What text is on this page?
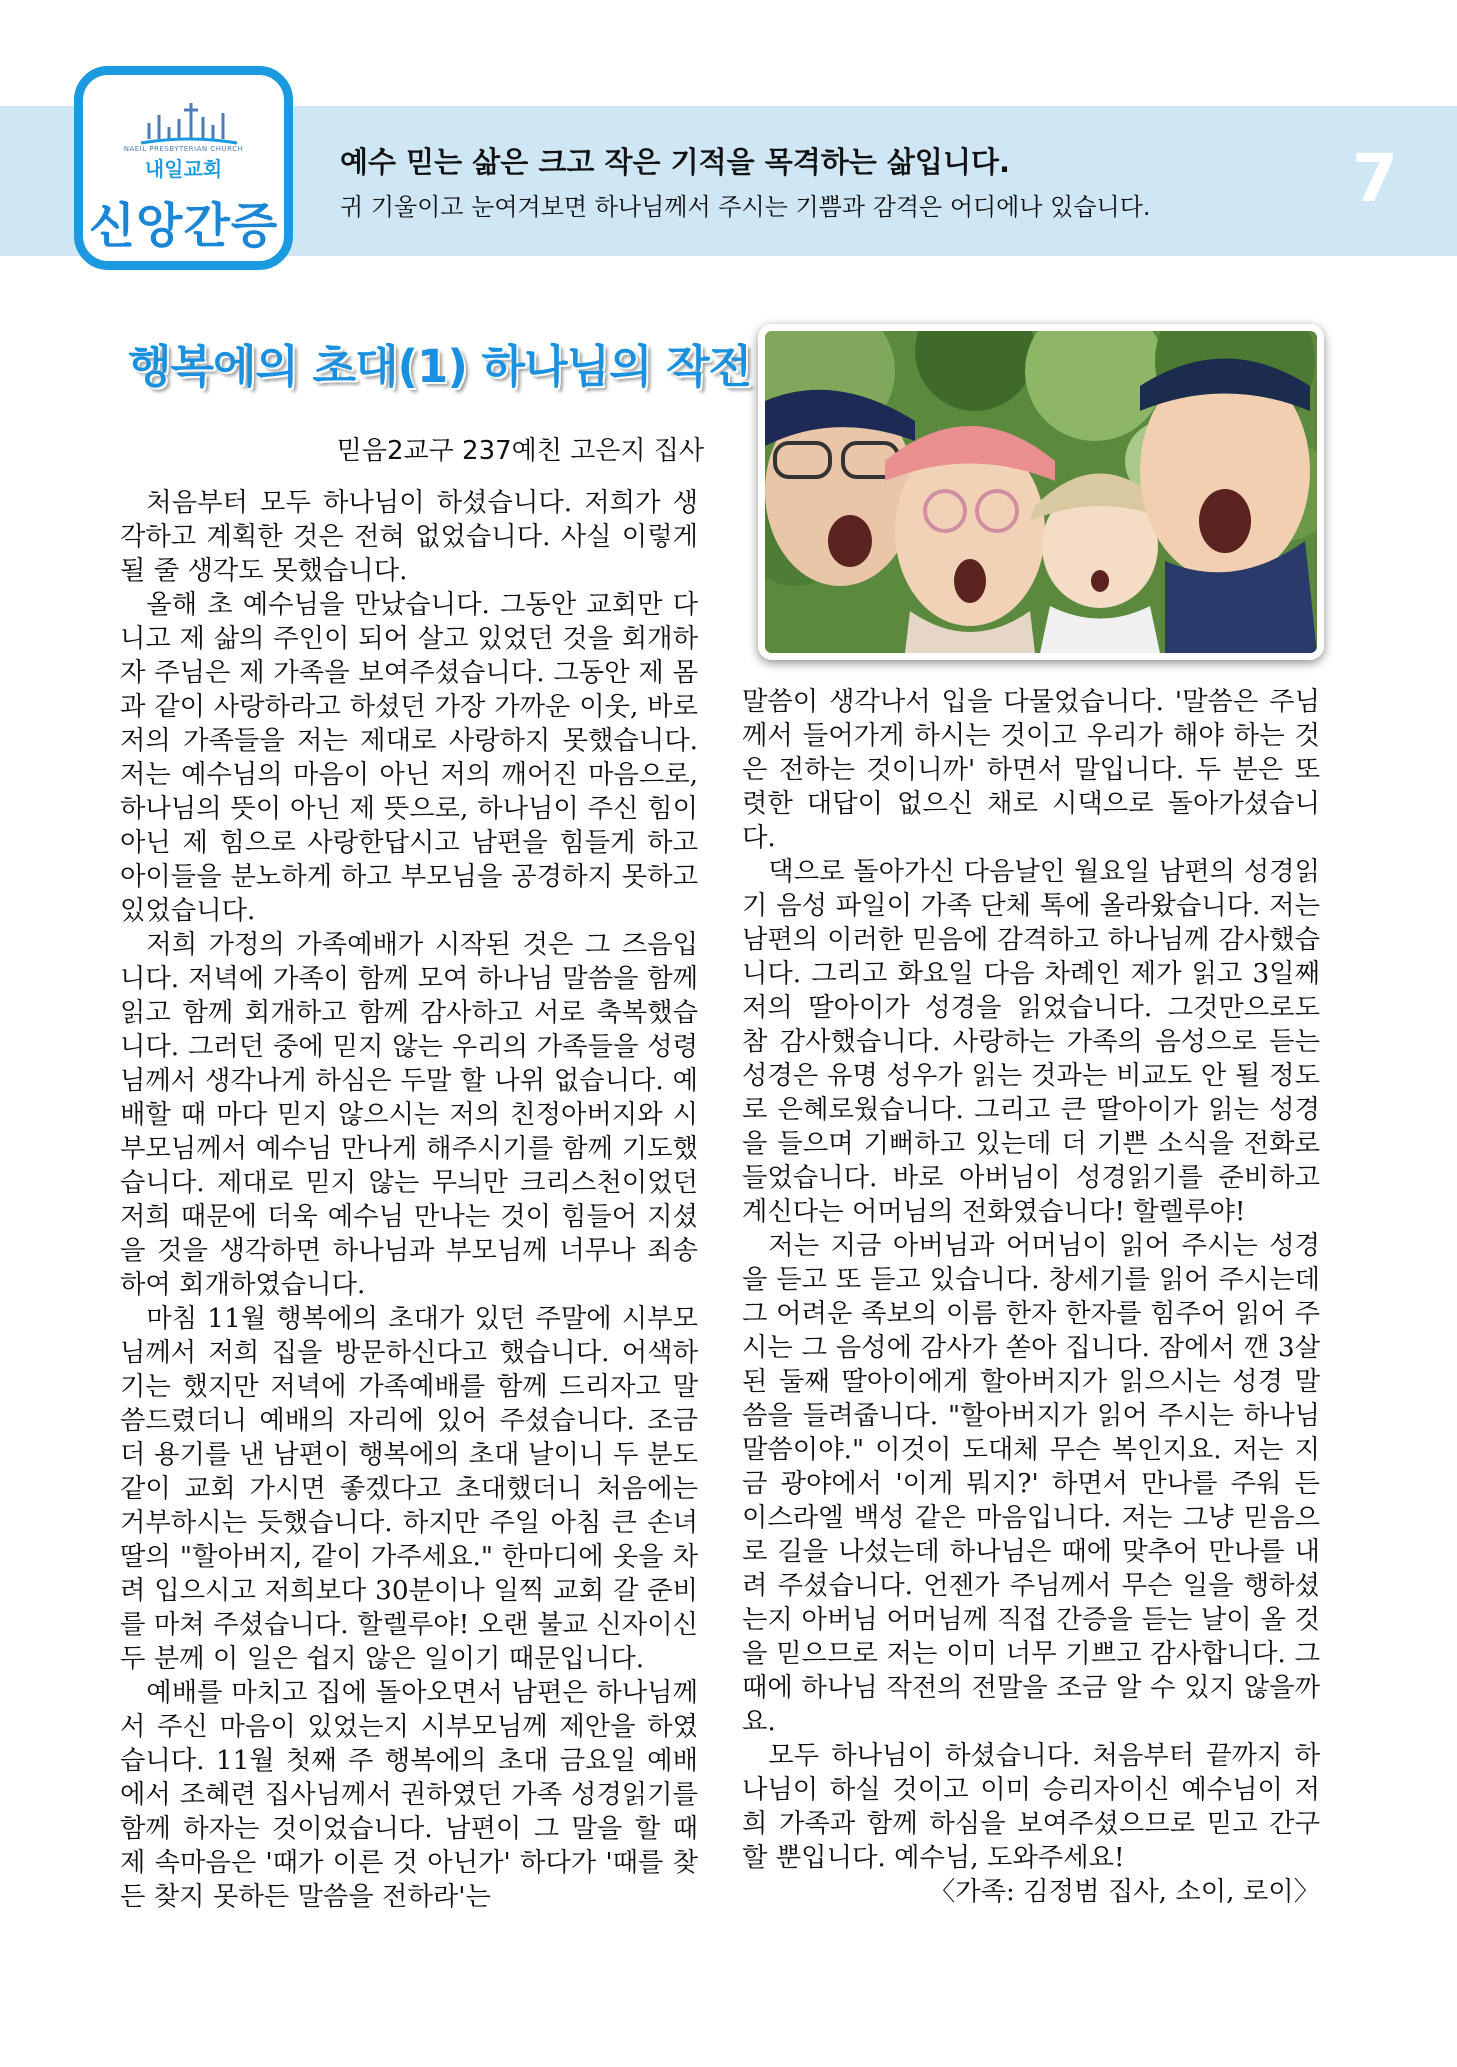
NAEIL PRESBYTERIAN CHURCH
내일교회
신앙간증
예수 믿는 삶은 크고 작은 기적을 목격하는 삶입니다.
귀 기울이고 눈여겨보면 하나님께서 주시는 기쁨과 감격은 어디에나 있습니다.	7
행복에의 초대(1) 하나님의 작전
믿음2교구 237예친 고은지 집사

처음부터 모두 하나님이 하셨습니다. 저희가 생각하고 계획한 것은 전혀 없었습니다. 사실 이렇게 될 줄 생각도 못했습니다.

올해 초 예수님을 만났습니다. 그동안 교회만 다니고 제 삶의 주인이 되어 살고 있었던 것을 회개하자 주님은 제 가족을 보여주셨습니다. 그동안 제 몸과 같이 사랑하라고 하셨던 가장 가까운 이웃, 바로 저의 가족들을 저는 제대로 사랑하지 못했습니다. 저는 예수님의 마음이 아닌 저의 깨어진 마음으로, 하나님의 뜻이 아닌 제 뜻으로, 하나님이 주신 힘이 아닌 제 힘으로 사랑한답시고 남편을 힘들게 하고 아이들을 분노하게 하고 부모님을 공경하지 못하고 있었습니다.

저희 가정의 가족예배가 시작된 것은 그 즈음입니다. 저녁에 가족이 함께 모여 하나님 말씀을 함께 읽고 함께 회개하고 함께 감사하고 서로 축복했습니다. 그러던 중에 믿지 않는 우리의 가족들을 성령님께서 생각나게 하심은 두말 할 나위 없습니다. 예배할 때 마다 믿지 않으시는 저의 친정아버지와 시부모님께서 예수님 만나게 해주시기를 함께 기도했습니다. 제대로 믿지 않는 무늬만 크리스천이었던 저희 때문에 더욱 예수님 만나는 것이 힘들어 지셨을 것을 생각하면 하나님과 부모님께 너무나 죄송하여 회개하였습니다.

마침 11월 행복에의 초대가 있던 주말에 시부모님께서 저희 집을 방문하신다고 했습니다. 어색하기는 했지만 저녁에 가족예배를 함께 드리자고 말씀드렸더니 예배의 자리에 있어 주셨습니다. 조금 더 용기를 낸 남편이 행복에의 초대 날이니 두 분도 같이 교회 가시면 좋겠다고 초대했더니 처음에는 거부하시는 듯했습니다. 하지만 주일 아침 큰 손녀딸의 "할아버지, 같이 가주세요." 한마디에 옷을 차려 입으시고 저희보다 30분이나 일찍 교회 갈 준비를 마쳐 주셨습니다. 할렐루야! 오랜 불교 신자이신 두 분께 이 일은 쉽지 않은 일이기 때문입니다.

예배를 마치고 집에 돌아오면서 남편은 하나님께서 주신 마음이 있었는지 시부모님께 제안을 하였습니다. 11월 첫째 주 행복에의 초대 금요일 예배에서 조혜련 집사님께서 권하였던 가족 성경읽기를 함께 하자는 것이었습니다. 남편이 그 말을 할 때 제 속마음은 '때가 이른 것 아닌가' 하다가 '때를 찾든 찾지 못하든 말씀을 전하라'는

말씀이 생각나서 입을 다물었습니다. '말씀은 주님께서 들어가게 하시는 것이고 우리가 해야 하는 것은 전하는 것이니까' 하면서 말입니다. 두 분은 또렷한 대답이 없으신 채로 시댁으로 돌아가셨습니다.

댁으로 돌아가신 다음날인 월요일 남편의 성경읽기 음성 파일이 가족 단체 톡에 올라왔습니다. 저는 남편의 이러한 믿음에 감격하고 하나님께 감사했습니다. 그리고 화요일 다음 차례인 제가 읽고 3일째 저의 딸아이가 성경을 읽었습니다. 그것만으로도 참 감사했습니다. 사랑하는 가족의 음성으로 듣는 성경은 유명 성우가 읽는 것과는 비교도 안 될 정도로 은혜로웠습니다. 그리고 큰 딸아이가 읽는 성경을 들으며 기뻐하고 있는데 더 기쁜 소식을 전화로 들었습니다. 바로 아버님이 성경읽기를 준비하고 계신다는 어머님의 전화였습니다! 할렐루야!

저는 지금 아버님과 어머님이 읽어 주시는 성경을 듣고 또 듣고 있습니다. 창세기를 읽어 주시는데 그 어려운 족보의 이름 한자 한자를 힘주어 읽어 주시는 그 음성에 감사가 쏟아 집니다. 잠에서 깬 3살된 둘째 딸아이에게 할아버지가 읽으시는 성경 말씀을 들려줍니다. "할아버지가 읽어 주시는 하나님 말씀이야." 이것이 도대체 무슨 복인지요. 저는 지금 광야에서 '이게 뭐지?' 하면서 만나를 주워 든 이스라엘 백성 같은 마음입니다. 저는 그냥 믿음으로 길을 나섰는데 하나님은 때에 맞추어 만나를 내려 주셨습니다. 언젠가 주님께서 무슨 일을 행하셨는지 아버님 어머님께 직접 간증을 듣는 날이 올 것을 믿으므로 저는 이미 너무 기쁘고 감사합니다. 그 때에 하나님 작전의 전말을 조금 알 수 있지 않을까요.

모두 하나님이 하셨습니다. 처음부터 끝까지 하나님이 하실 것이고 이미 승리자이신 예수님이 저희 가족과 함께 하심을 보여주셨으므로 믿고 간구할 뿐입니다. 예수님, 도와주세요!

〈가족: 김정범 집사, 소이, 로이〉
